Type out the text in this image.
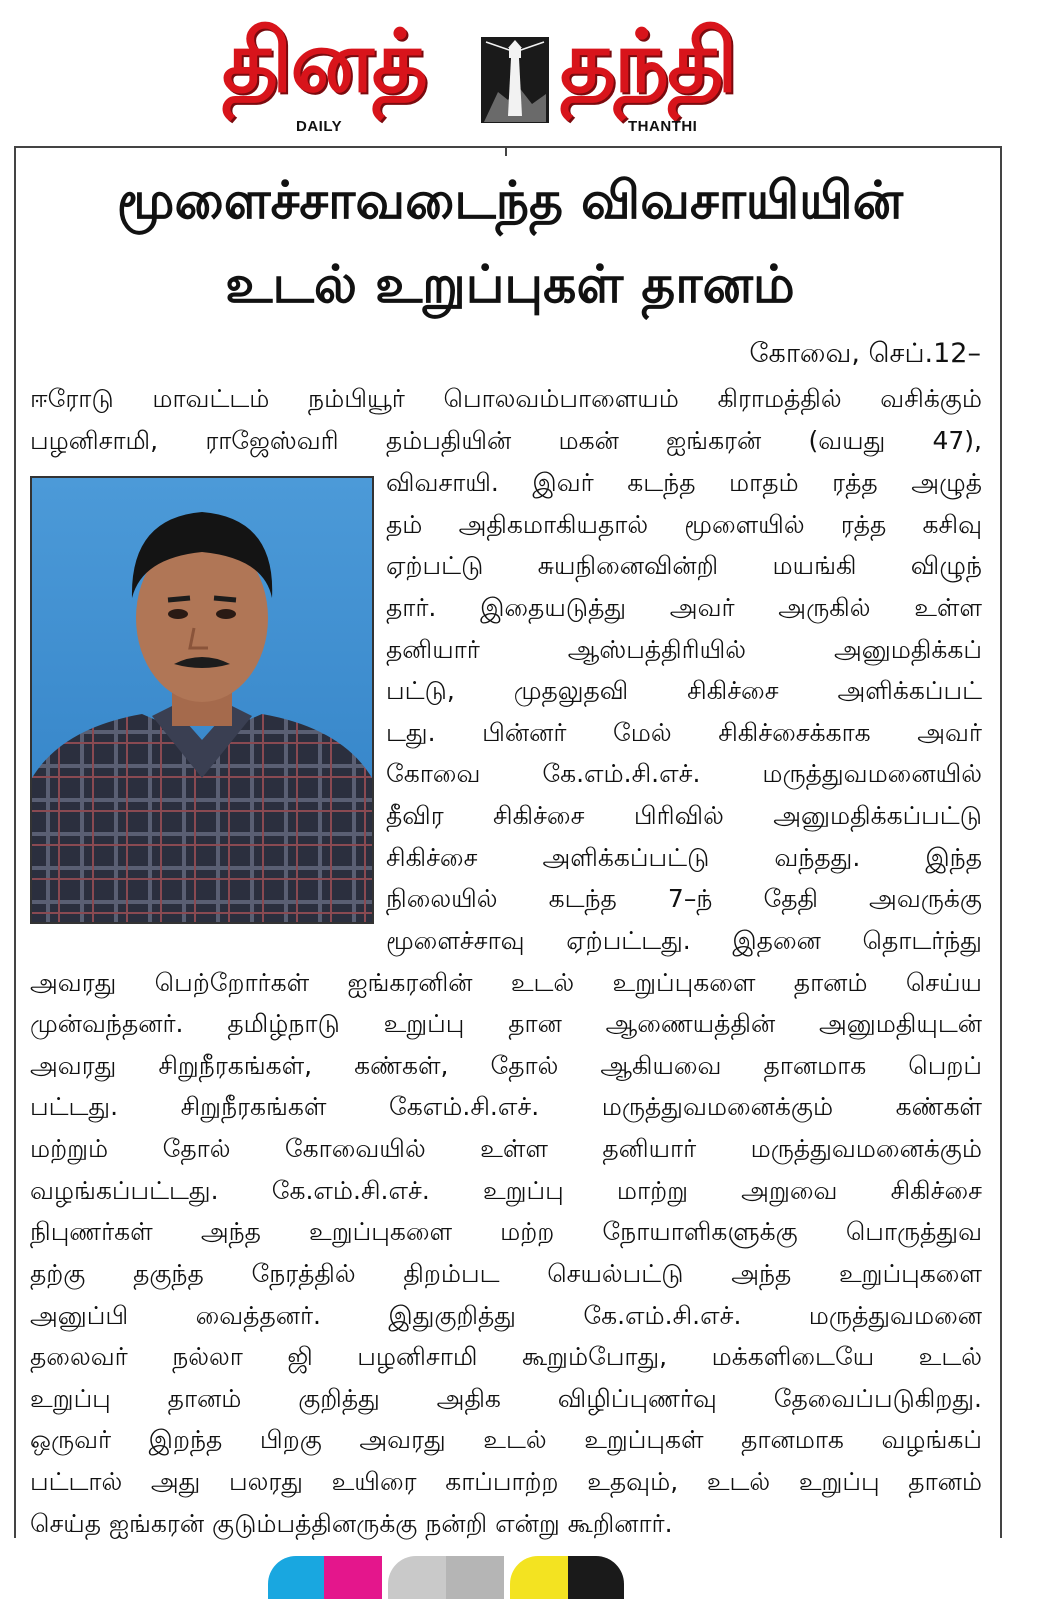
தினத் தந்தி
DAILY	THANTHI
மூளைச்சாவடைந்த விவசாயியின்
உடல் உறுப்புகள் தானம்
கோவை, செப்.12–
ஈரோடு மாவட்டம் நம்பியூர் பொலவம்பாளையம் கிராமத்தில் வசிக்கும்
பழனிசாமி, ராஜேஸ்வரி தம்பதியின் மகன் ஐங்கரன் (வயது 47),
விவசாயி. இவர் கடந்த மாதம் ரத்த அழுத்
தம் அதிகமாகியதால் மூளையில் ரத்த கசிவு
ஏற்பட்டு சுயநினைவின்றி மயங்கி விழுந்
தார். இதையடுத்து அவர் அருகில் உள்ள
தனியார் ஆஸ்பத்திரியில் அனுமதிக்கப்
பட்டு, முதலுதவி சிகிச்சை அளிக்கப்பட்
டது. பின்னர் மேல் சிகிச்சைக்காக அவர்
கோவை கே.எம்.சி.எச். மருத்துவமனையில்
தீவிர சிகிச்சை பிரிவில் அனுமதிக்கப்பட்டு
சிகிச்சை அளிக்கப்பட்டு வந்தது. இந்த
நிலையில் கடந்த 7–ந் தேதி அவருக்கு
மூளைச்சாவு ஏற்பட்டது. இதனை தொடர்ந்து
அவரது பெற்றோர்கள் ஐங்கரனின் உடல் உறுப்புகளை தானம் செய்ய
முன்வந்தனர். தமிழ்நாடு உறுப்பு தான ஆணையத்தின் அனுமதியுடன்
அவரது சிறுநீரகங்கள், கண்கள், தோல் ஆகியவை தானமாக பெறப்
பட்டது. சிறுநீரகங்கள் கேஎம்.சி.எச். மருத்துவமனைக்கும் கண்கள்
மற்றும் தோல் கோவையில் உள்ள தனியார் மருத்துவமனைக்கும்
வழங்கப்பட்டது. கே.எம்.சி.எச். உறுப்பு மாற்று அறுவை சிகிச்சை
நிபுணர்கள் அந்த உறுப்புகளை மற்ற நோயாளிகளுக்கு பொருத்துவ
தற்கு தகுந்த நேரத்தில் திறம்பட செயல்பட்டு அந்த உறுப்புகளை
அனுப்பி வைத்தனர். இதுகுறித்து கே.எம்.சி.எச். மருத்துவமனை
தலைவர் நல்லா ஜி பழனிசாமி கூறும்போது, மக்களிடையே உடல்
உறுப்பு தானம் குறித்து அதிக விழிப்புணர்வு தேவைப்படுகிறது.
ஒருவர் இறந்த பிறகு அவரது உடல் உறுப்புகள் தானமாக வழங்கப்
பட்டால் அது பலரது உயிரை காப்பாற்ற உதவும், உடல் உறுப்பு தானம்
செய்த ஐங்கரன் குடும்பத்தினருக்கு நன்றி என்று கூறினார்.
